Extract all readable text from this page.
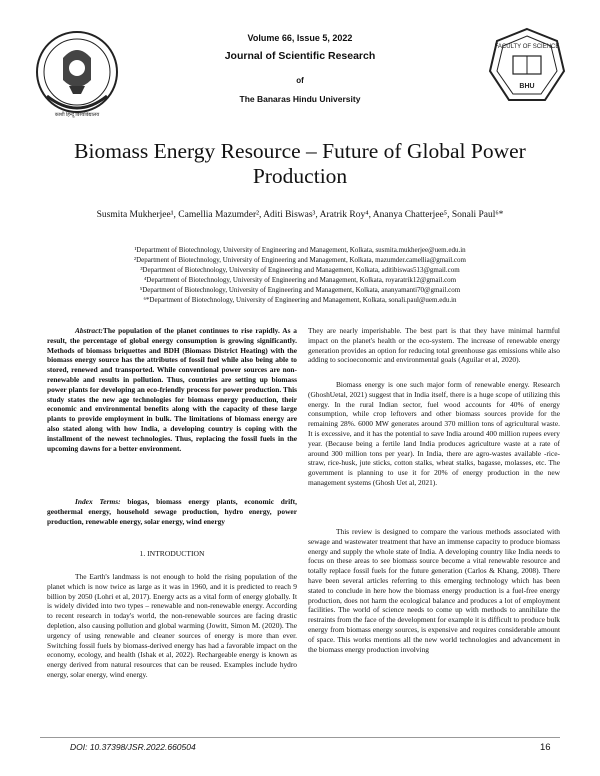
काशी हिन्दू विश्वविद्यालय
FACULTY OF SCIENCE
BHU
Volume 66, Issue 5, 2022
Journal of Scientific Research
of
The Banaras Hindu University
Biomass Energy Resource – Future of Global Power Production
Susmita Mukherjee¹, Camellia Mazumder², Aditi Biswas³, Aratrik Roy⁴, Ananya Chatterjee⁵, Sonali Paul⁶*
¹Department of Biotechnology, University of Engineering and Management, Kolkata, susmita.mukherjee@uem.edu.in
²Department of Biotechnology, University of Engineering and Management, Kolkata, mazumder.camellia@gmail.com
³Department of Biotechnology, University of Engineering and Management, Kolkata, aditibiswas513@gmail.com
⁴Department of Biotechnology, University of Engineering and Management, Kolkata, royaratrik12@gmail.com
⁵Department of Biotechnology, University of Engineering and Management, Kolkata, ananyamanti70@gmail.com
⁶*Department of Biotechnology, University of Engineering and Management, Kolkata, sonali.paul@uem.edu.in

Abstract:The population of the planet continues to rise rapidly. As a result, the percentage of global energy consumption is growing significantly. Methods of biomass briquettes and BDH (Biomass District Heating) with the biomass energy source has the attributes of fossil fuel while also being able to stored, renewed and transported. While conventional power sources are non-renewable and results in pollution. Thus, countries are setting up biomass power plants for developing an eco-friendly process for power production. This study states the new age technologies for biomass energy production, their economic and environmental benefits along with the capacity of these large plants to provide employment in bulk. The limitations of biomass energy are also stated along with how India, a developing country is coping with the installment of the newest technologies. Thus, replacing the fossil fuels in the upcoming dawns for a better environment.

Index Terms: biogas, biomass energy plants, economic drift, geothermal energy, household sewage production, hydro energy, power production, renewable energy, solar energy, wind energy

1. INTRODUCTION

The Earth's landmass is not enough to hold the rising population of the planet which is now twice as large as it was in 1960, and it is predicted to reach 9 billion by 2050 (Lohri et al, 2017). Energy acts as a vital form of energy globally. It is widely divided into two types – renewable and non-renewable energy. According to recent research in today's world, the non-renewable sources are facing drastic depletion, also causing pollution and global warming (Jowitt, Simon M. (2020). The urgency of using renewable and cleaner sources of energy is more than ever. Switching fossil fuels by biomass-derived energy has had a favorable impact on the economy, ecology, and health (Ishak et al, 2022). Rechargeable energy is known as energy derived from natural resources that can be reused. Examples include hydro energy, solar energy, wind energy.

They are nearly imperishable. The best part is that they have minimal harmful impact on the planet's health or the eco-system. The increase of renewable energy generation provides an option for reducing total greenhouse gas emissions while also adding to socioeconomic and environmental goals (Aguilar et al, 2020).

Biomass energy is one such major form of renewable energy. Research (GhoshUetal, 2021) suggest that in India itself, there is a huge scope of utilizing this energy. In the rural Indian sector, fuel wood accounts for 40% of energy consumption, while crop leftovers and other biomass sources provide for the remaining 28%. 6000 MW generates around 370 million tons of agricultural waste. It is excessive, and it has the potential to save India around 400 million rupees every year. (Because being a fertile land India produces agriculture waste at a rate of around 300 million tons per year). In India, there are agro-wastes available -rice-straw, rice-husk, jute sticks, cotton stalks, wheat stalks, bagasse, molasses, etc. The government is planning to use it for 20% of energy production in the new management systems (Ghosh Uet al, 2021).

This review is designed to compare the various methods associated with sewage and wastewater treatment that have an immense capacity to produce biomass energy and supply the whole state of India. A developing country like India needs to focus on these areas to see biomass source become a vital renewable resource and totally replace fossil fuels for the future generation (Carlos & Khang, 2008). There have been several articles referring to this emerging technology which has been stated to conclude in here how the biomass energy production is a fuel-free energy production, does not harm the ecological balance and produces a lot of employment facilities. The world of science needs to come up with methods to annihilate the restraints from the face of the development for example it is difficult to produce bulk energy from biomass energy sources, is expensive and requires considerable amount of space. This works mentions all the new world technologies and advancement in the biomass energy production involving

DOI: 10.37398/JSR.2022.660504	16
